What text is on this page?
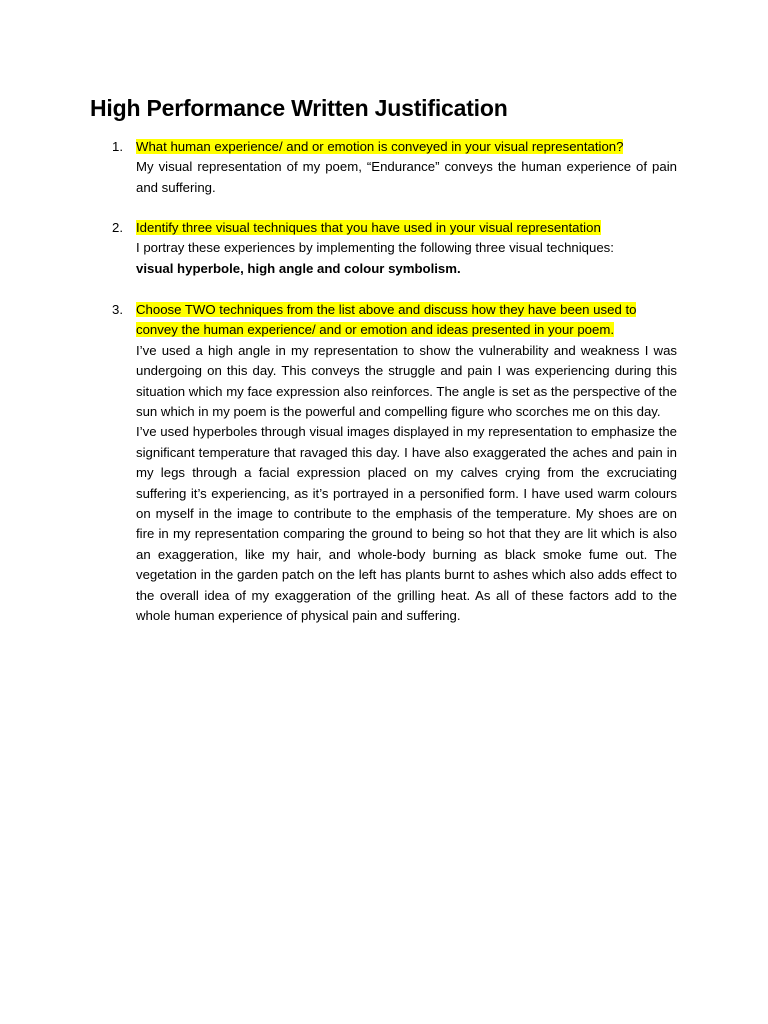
High Performance Written Justification
1. What human experience/ and or emotion is conveyed in your visual representation?

My visual representation of my poem, “Endurance” conveys the human experience of pain and suffering.

2. Identify three visual techniques that you have used in your visual representation

I portray these experiences by implementing the following three visual techniques:

visual hyperbole, high angle and colour symbolism.

3. Choose TWO techniques from the list above and discuss how they have been used to convey the human experience/ and or emotion and ideas presented in your poem.

I’ve used a high angle in my representation to show the vulnerability and weakness I was undergoing on this day. This conveys the struggle and pain I was experiencing during this situation which my face expression also reinforces. The angle is set as the perspective of the sun which in my poem is the powerful and compelling figure who scorches me on this day.

I’ve used hyperboles through visual images displayed in my representation to emphasize the significant temperature that ravaged this day. I have also exaggerated the aches and pain in my legs through a facial expression placed on my calves crying from the excruciating suffering it’s experiencing, as it’s portrayed in a personified form. I have used warm colours on myself in the image to contribute to the emphasis of the temperature. My shoes are on fire in my representation comparing the ground to being so hot that they are lit which is also an exaggeration, like my hair, and whole-body burning as black smoke fume out. The vegetation in the garden patch on the left has plants burnt to ashes which also adds effect to the overall idea of my exaggeration of the grilling heat. As all of these factors add to the whole human experience of physical pain and suffering.
